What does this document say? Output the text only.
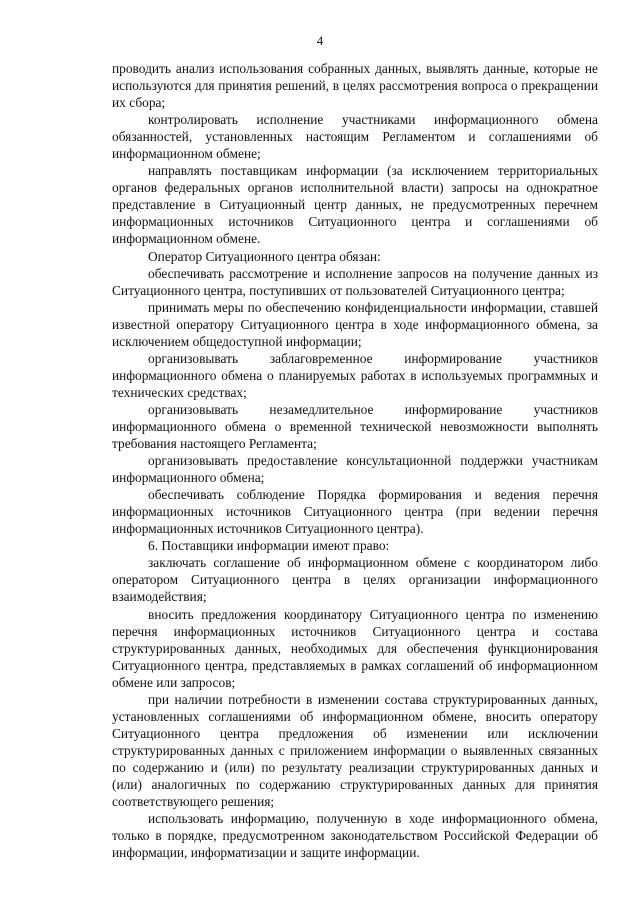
4

проводить анализ использования собранных данных, выявлять данные, которые не используются для принятия решений, в целях рассмотрения вопроса о прекращении их сбора;

контролировать исполнение участниками информационного обмена обязанностей, установленных настоящим Регламентом и соглашениями об информационном обмене;

направлять поставщикам информации (за исключением территориальных органов федеральных органов исполнительной власти) запросы на однократное представление в Ситуационный центр данных, не предусмотренных перечнем информационных источников Ситуационного центра и соглашениями об информационном обмене.

Оператор Ситуационного центра обязан:

обеспечивать рассмотрение и исполнение запросов на получение данных из Ситуационного центра, поступивших от пользователей Ситуационного центра;

принимать меры по обеспечению конфиденциальности информации, ставшей известной оператору Ситуационного центра в ходе информационного обмена, за исключением общедоступной информации;

организовывать заблаговременное информирование участников информационного обмена о планируемых работах в используемых программных и технических средствах;

организовывать незамедлительное информирование участников информационного обмена о временной технической невозможности выполнять требования настоящего Регламента;

организовывать предоставление консультационной поддержки участникам информационного обмена;

обеспечивать соблюдение Порядка формирования и ведения перечня информационных источников Ситуационного центра (при ведении перечня информационных источников Ситуационного центра).

6. Поставщики информации имеют право:

заключать соглашение об информационном обмене с координатором либо оператором Ситуационного центра в целях организации информационного взаимодействия;

вносить предложения координатору Ситуационного центра по изменению перечня информационных источников Ситуационного центра и состава структурированных данных, необходимых для обеспечения функционирования Ситуационного центра, представляемых в рамках соглашений об информационном обмене или запросов;

при наличии потребности в изменении состава структурированных данных, установленных соглашениями об информационном обмене, вносить оператору Ситуационного центра предложения об изменении или исключении структурированных данных с приложением информации о выявленных связанных по содержанию и (или) по результату реализации структурированных данных и (или) аналогичных по содержанию структурированных данных для принятия соответствующего решения;

использовать информацию, полученную в ходе информационного обмена, только в порядке, предусмотренном законодательством Российской Федерации об информации, информатизации и защите информации.
